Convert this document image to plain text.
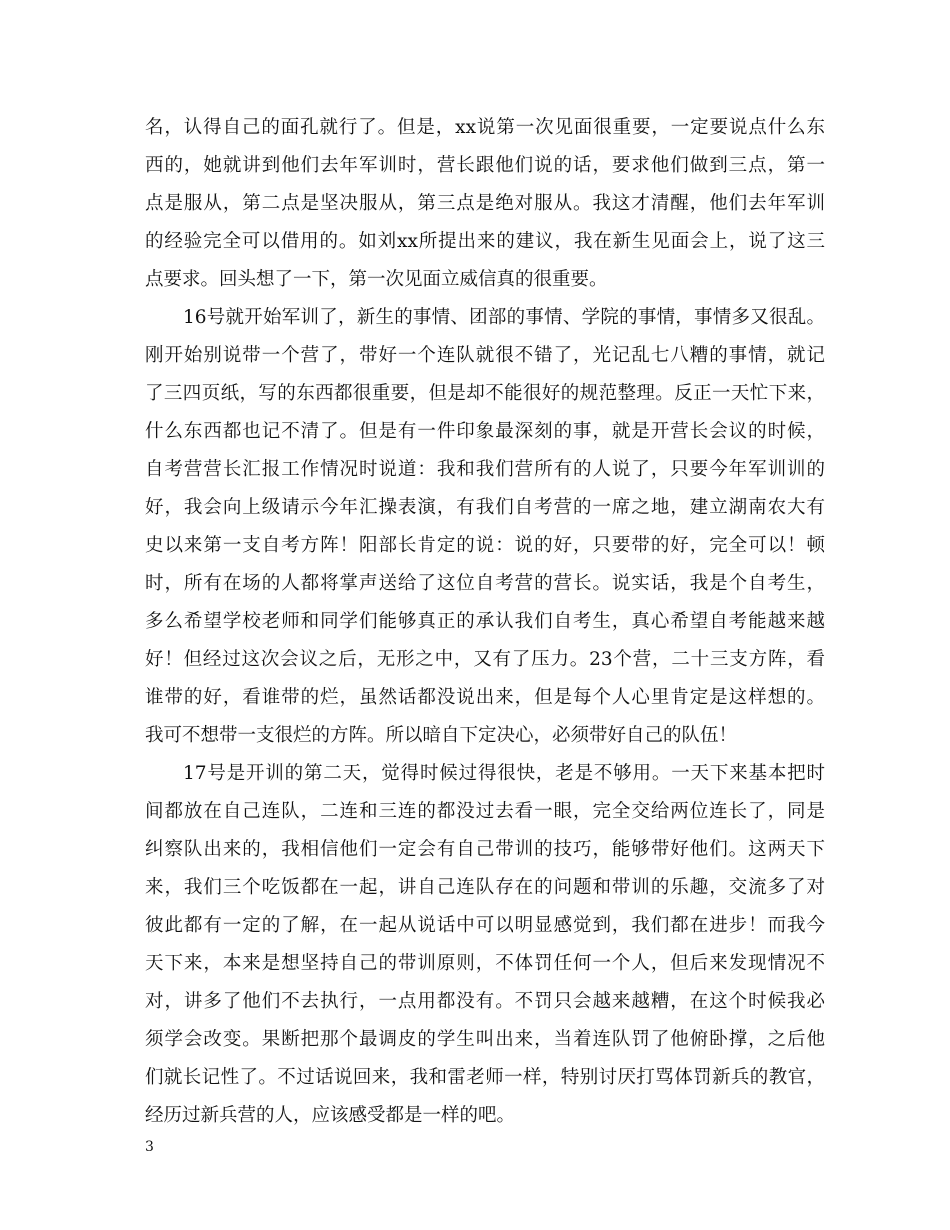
名，认得自己的面孔就行了。但是，xx说第一次见面很重要，一定要说点什么东
西的，她就讲到他们去年军训时，营长跟他们说的话，要求他们做到三点，第一
点是服从，第二点是坚决服从，第三点是绝对服从。我这才清醒，他们去年军训
的经验完全可以借用的。如刘xx所提出来的建议，我在新生见面会上，说了这三
点要求。回头想了一下，第一次见面立威信真的很重要。
16号就开始军训了，新生的事情、团部的事情、学院的事情，事情多又很乱。
刚开始别说带一个营了，带好一个连队就很不错了，光记乱七八糟的事情，就记
了三四页纸，写的东西都很重要，但是却不能很好的规范整理。反正一天忙下来，
什么东西都也记不清了。但是有一件印象最深刻的事，就是开营长会议的时候，
自考营营长汇报工作情况时说道：我和我们营所有的人说了，只要今年军训训的
好，我会向上级请示今年汇操表演，有我们自考营的一席之地，建立湖南农大有
史以来第一支自考方阵！阳部长肯定的说：说的好，只要带的好，完全可以！顿
时，所有在场的人都将掌声送给了这位自考营的营长。说实话，我是个自考生，
多么希望学校老师和同学们能够真正的承认我们自考生，真心希望自考能越来越
好！但经过这次会议之后，无形之中，又有了压力。23个营，二十三支方阵，看
谁带的好，看谁带的烂，虽然话都没说出来，但是每个人心里肯定是这样想的。
我可不想带一支很烂的方阵。所以暗自下定决心，必须带好自己的队伍！
17号是开训的第二天，觉得时候过得很快，老是不够用。一天下来基本把时
间都放在自己连队，二连和三连的都没过去看一眼，完全交给两位连长了，同是
纠察队出来的，我相信他们一定会有自己带训的技巧，能够带好他们。这两天下
来，我们三个吃饭都在一起，讲自己连队存在的问题和带训的乐趣，交流多了对
彼此都有一定的了解，在一起从说话中可以明显感觉到，我们都在进步！而我今
天下来，本来是想坚持自己的带训原则，不体罚任何一个人，但后来发现情况不
对，讲多了他们不去执行，一点用都没有。不罚只会越来越糟，在这个时候我必
须学会改变。果断把那个最调皮的学生叫出来，当着连队罚了他俯卧撑，之后他
们就长记性了。不过话说回来，我和雷老师一样，特别讨厌打骂体罚新兵的教官，
经历过新兵营的人，应该感受都是一样的吧。
3
